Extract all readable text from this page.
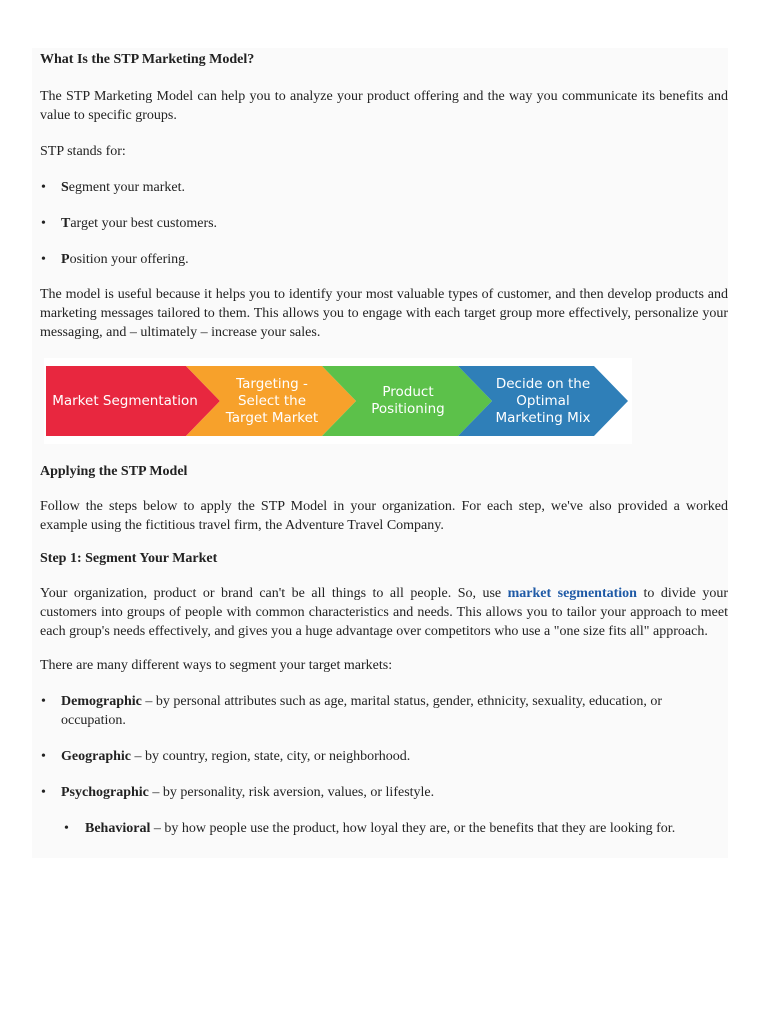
What Is the STP Marketing Model?

The STP Marketing Model can help you to analyze your product offering and the way you communicate its benefits and value to specific groups.

STP stands for:

• Segment your market.
• Target your best customers.
• Position your offering.

The model is useful because it helps you to identify your most valuable types of customer, and then develop products and marketing messages tailored to them. This allows you to engage with each target group more effectively, personalize your messaging, and – ultimately – increase your sales.

Market Segmentation
Targeting - Select the Target Market
Product Positioning
Decide on the Optimal Marketing Mix
Applying the STP Model

Follow the steps below to apply the STP Model in your organization. For each step, we've also provided a worked example using the fictitious travel firm, the Adventure Travel Company.

Step 1: Segment Your Market

Your organization, product or brand can't be all things to all people. So, use market segmentation to divide your customers into groups of people with common characteristics and needs. This allows you to tailor your approach to meet each group's needs effectively, and gives you a huge advantage over competitors who use a "one size fits all" approach.

There are many different ways to segment your target markets:

• Demographic – by personal attributes such as age, marital status, gender, ethnicity, sexuality, education, or occupation.
• Geographic – by country, region, state, city, or neighborhood.
• Psychographic – by personality, risk aversion, values, or lifestyle.
• Behavioral – by how people use the product, how loyal they are, or the benefits that they are looking for.
